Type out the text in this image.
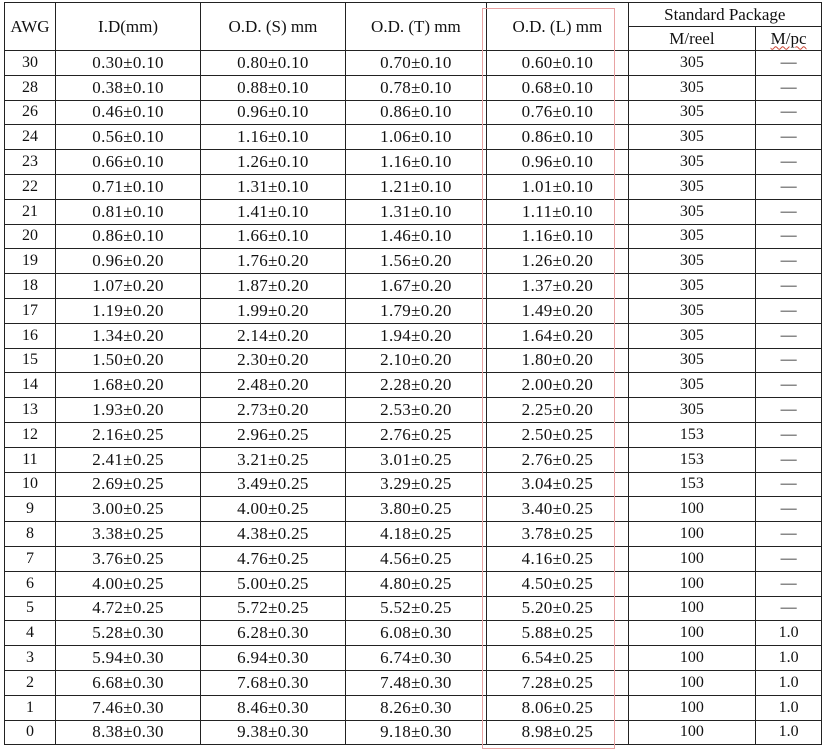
AWG	I.D(mm)	O.D. (S) mm	O.D. (T) mm	O.D. (L) mm	Standard Package	
					M/reel	M/pc
30	0.30±0.10	0.80±0.10	0.70±0.10	0.60±0.10	305	—
28	0.38±0.10	0.88±0.10	0.78±0.10	0.68±0.10	305	—
26	0.46±0.10	0.96±0.10	0.86±0.10	0.76±0.10	305	—
24	0.56±0.10	1.16±0.10	1.06±0.10	0.86±0.10	305	—
23	0.66±0.10	1.26±0.10	1.16±0.10	0.96±0.10	305	—
22	0.71±0.10	1.31±0.10	1.21±0.10	1.01±0.10	305	—
21	0.81±0.10	1.41±0.10	1.31±0.10	1.11±0.10	305	—
20	0.86±0.10	1.66±0.10	1.46±0.10	1.16±0.10	305	—
19	0.96±0.20	1.76±0.20	1.56±0.20	1.26±0.20	305	—
18	1.07±0.20	1.87±0.20	1.67±0.20	1.37±0.20	305	—
17	1.19±0.20	1.99±0.20	1.79±0.20	1.49±0.20	305	—
16	1.34±0.20	2.14±0.20	1.94±0.20	1.64±0.20	305	—
15	1.50±0.20	2.30±0.20	2.10±0.20	1.80±0.20	305	—
14	1.68±0.20	2.48±0.20	2.28±0.20	2.00±0.20	305	—
13	1.93±0.20	2.73±0.20	2.53±0.20	2.25±0.20	305	—
12	2.16±0.25	2.96±0.25	2.76±0.25	2.50±0.25	153	—
11	2.41±0.25	3.21±0.25	3.01±0.25	2.76±0.25	153	—
10	2.69±0.25	3.49±0.25	3.29±0.25	3.04±0.25	153	—
9	3.00±0.25	4.00±0.25	3.80±0.25	3.40±0.25	100	—
8	3.38±0.25	4.38±0.25	4.18±0.25	3.78±0.25	100	—
7	3.76±0.25	4.76±0.25	4.56±0.25	4.16±0.25	100	—
6	4.00±0.25	5.00±0.25	4.80±0.25	4.50±0.25	100	—
5	4.72±0.25	5.72±0.25	5.52±0.25	5.20±0.25	100	—
4	5.28±0.30	6.28±0.30	6.08±0.30	5.88±0.25	100	1.0
3	5.94±0.30	6.94±0.30	6.74±0.30	6.54±0.25	100	1.0
2	6.68±0.30	7.68±0.30	7.48±0.30	7.28±0.25	100	1.0
1	7.46±0.30	8.46±0.30	8.26±0.30	8.06±0.25	100	1.0
0	8.38±0.30	9.38±0.30	9.18±0.30	8.98±0.25	100	1.0
